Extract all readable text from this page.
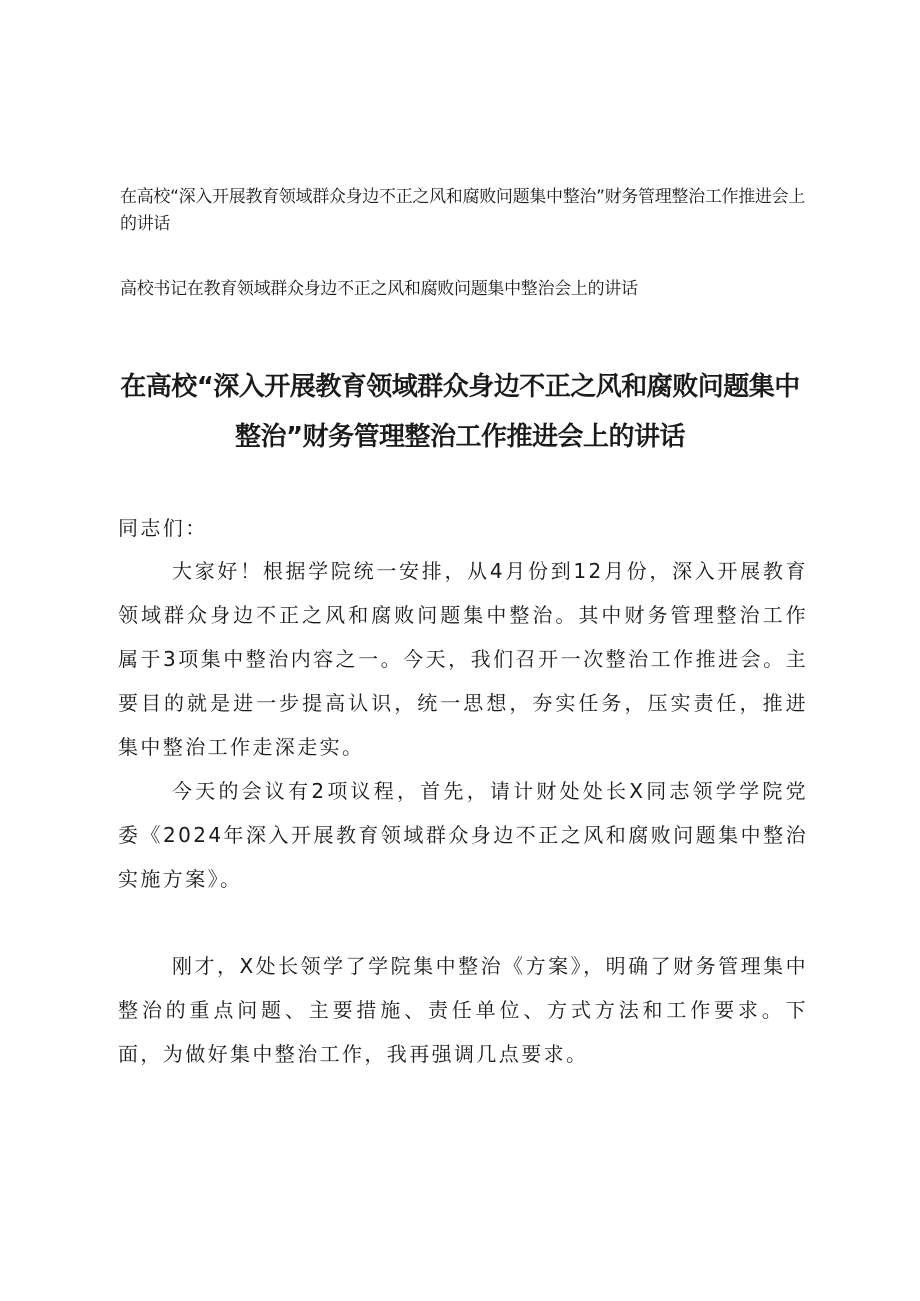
在高校“深入开展教育领域群众身边不正之风和腐败问题集中整治”财务管理整治工作推进会上的讲话
高校书记在教育领域群众身边不正之风和腐败问题集中整治会上的讲话
在高校“深入开展教育领域群众身边不正之风和腐败问题集中整治”财务管理整治工作推进会上的讲话
同志们：

大家好！根据学院统一安排，从4月份到12月份，深入开展教育领域群众身边不正之风和腐败问题集中整治。其中财务管理整治工作属于3项集中整治内容之一。今天，我们召开一次整治工作推进会。主要目的就是进一步提高认识，统一思想，夯实任务，压实责任，推进集中整治工作走深走实。

今天的会议有2项议程，首先，请计财处处长X同志领学学院党委《2024年深入开展教育领域群众身边不正之风和腐败问题集中整治实施方案》。

刚才，X处长领学了学院集中整治《方案》，明确了财务管理集中整治的重点问题、主要措施、责任单位、方式方法和工作要求。下面，为做好集中整治工作，我再强调几点要求。
